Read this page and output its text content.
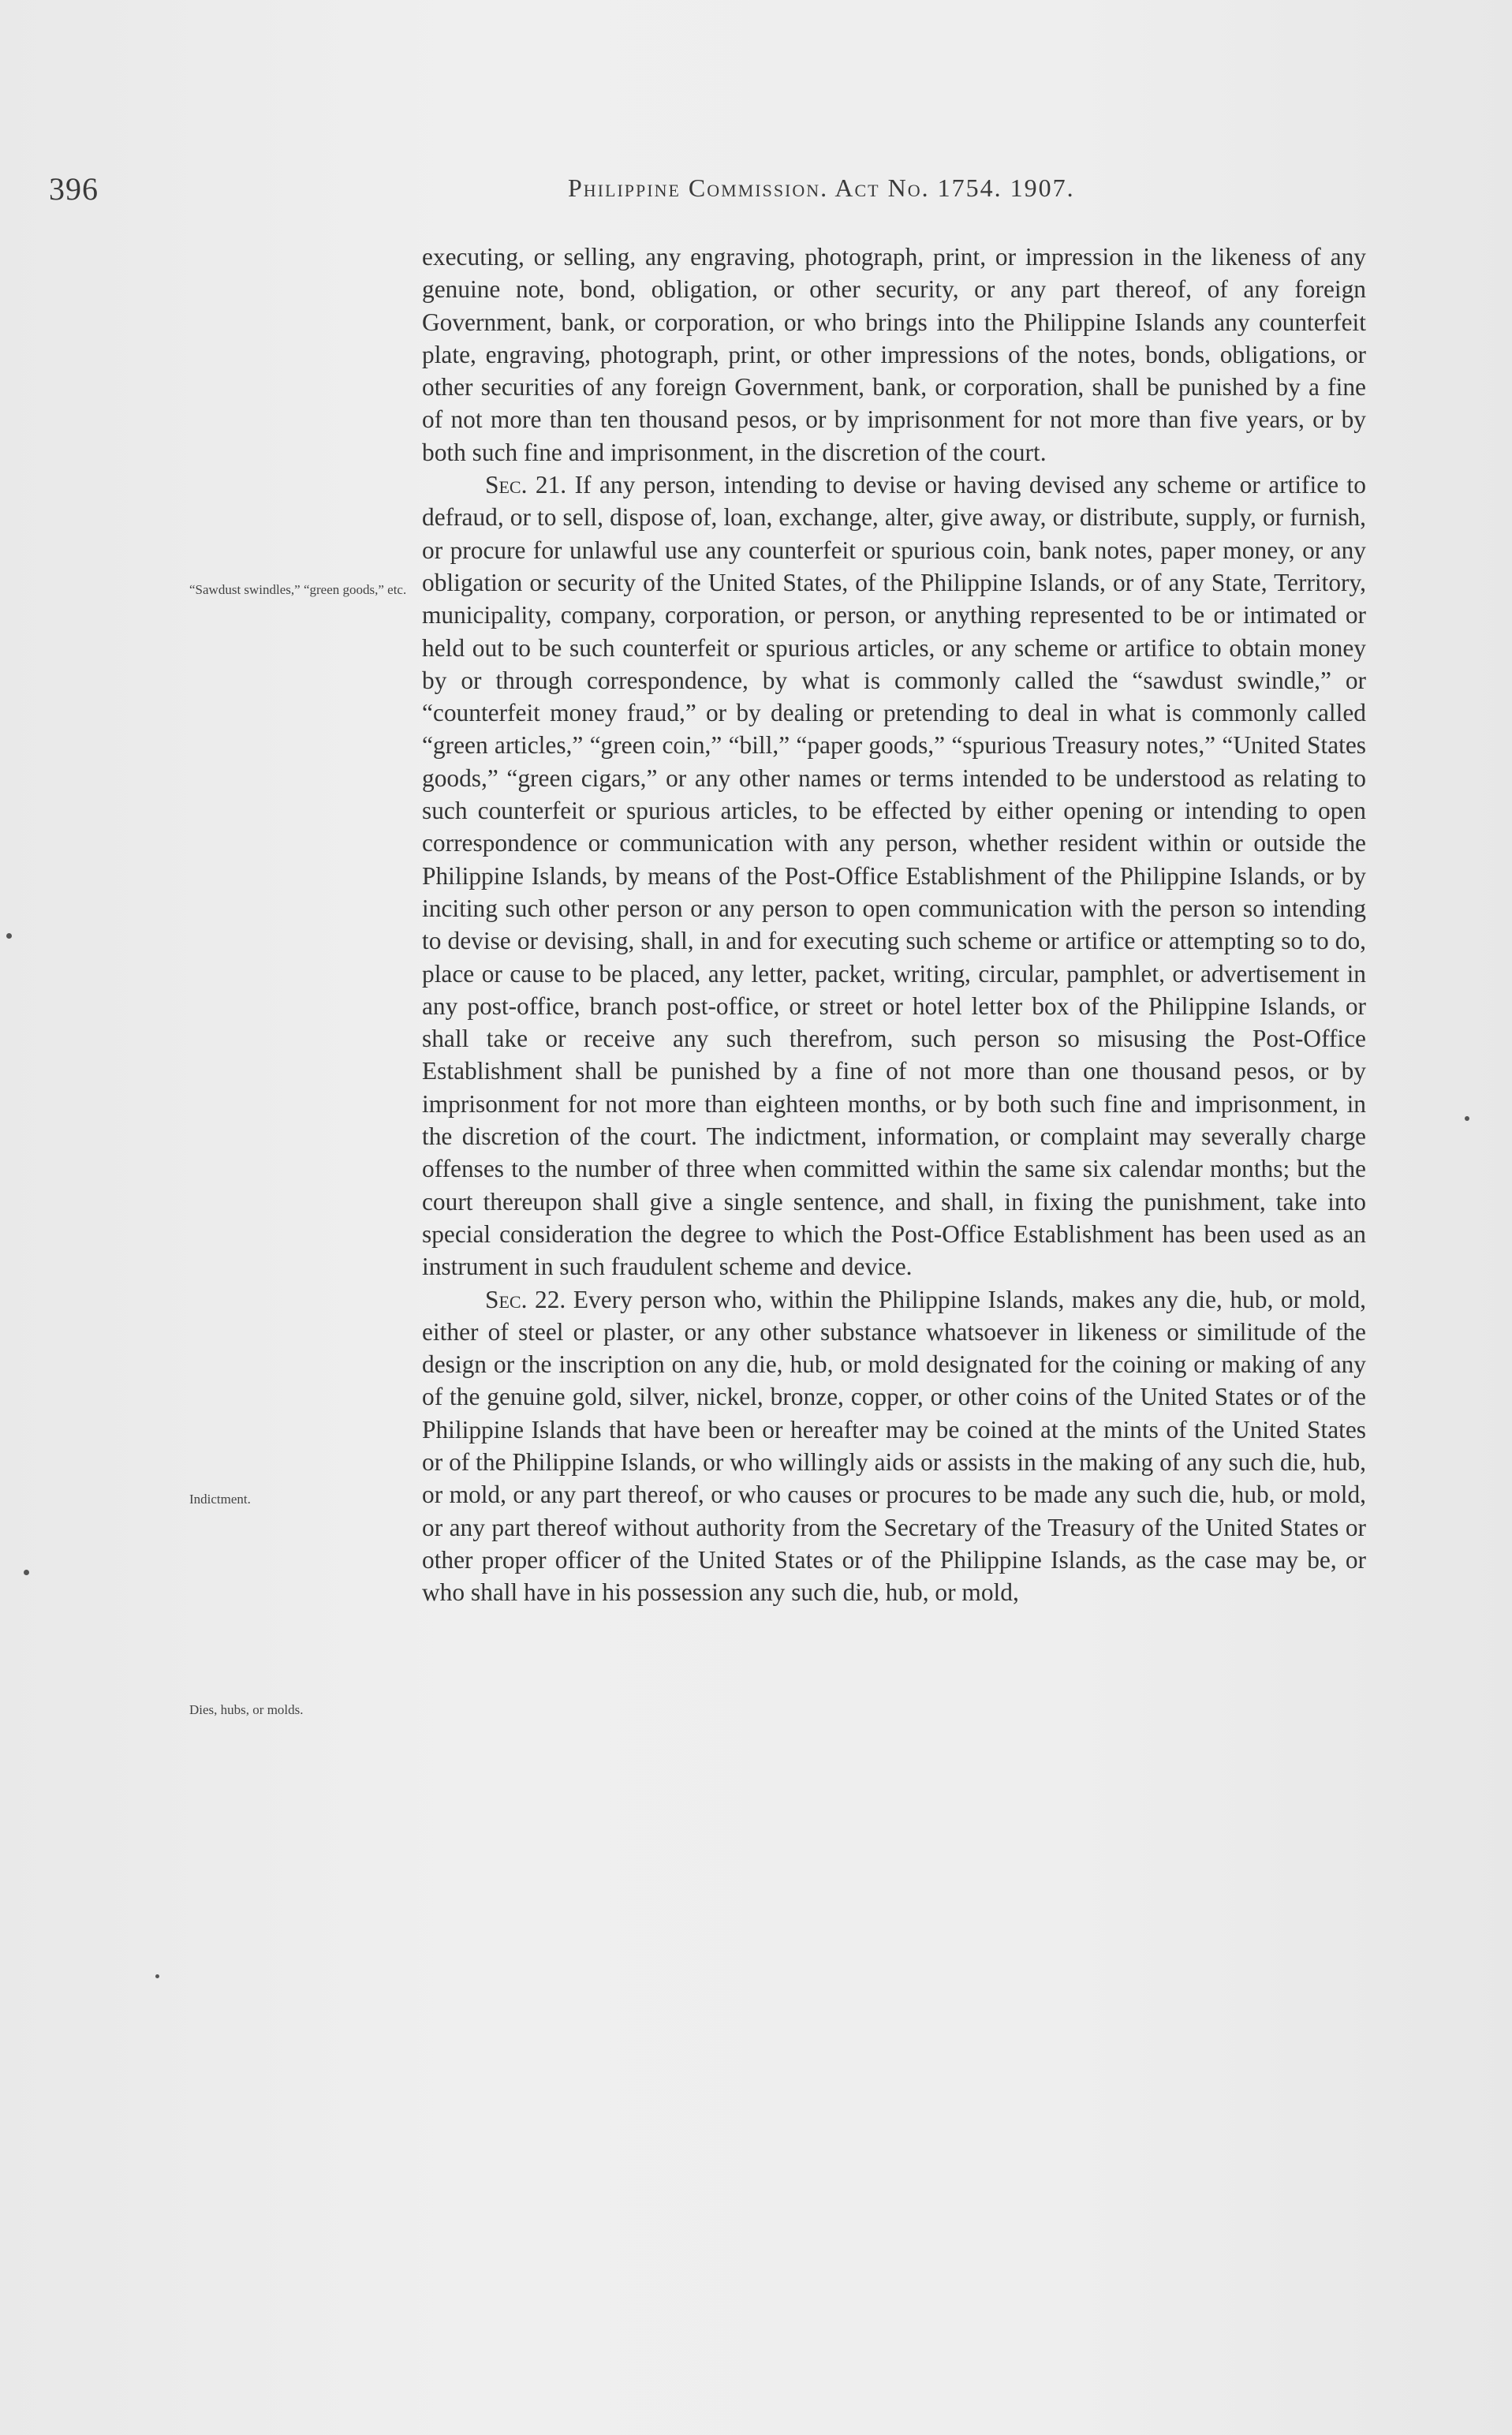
396	Philippine Commission. Act No. 1754. 1907.
“Sawdust swindles,” “green goods,” etc.
Indictment.
Dies, hubs, or molds.

executing, or selling, any engraving, photograph, print, or impression in the likeness of any genuine note, bond, obligation, or other security, or any part thereof, of any foreign Government, bank, or corporation, or who brings into the Philippine Islands any counterfeit plate, engraving, photograph, print, or other impressions of the notes, bonds, obligations, or other securities of any foreign Government, bank, or corporation, shall be punished by a fine of not more than ten thousand pesos, or by imprisonment for not more than five years, or by both such fine and imprisonment, in the discretion of the court.

Sec. 21. If any person, intending to devise or having devised any scheme or artifice to defraud, or to sell, dispose of, loan, exchange, alter, give away, or distribute, supply, or furnish, or procure for unlawful use any counterfeit or spurious coin, bank notes, paper money, or any obligation or security of the United States, of the Philippine Islands, or of any State, Territory, municipality, company, corporation, or person, or anything represented to be or intimated or held out to be such counterfeit or spurious articles, or any scheme or artifice to obtain money by or through correspondence, by what is commonly called the “sawdust swindle,” or “counterfeit money fraud,” or by dealing or pretending to deal in what is commonly called “green articles,” “green coin,” “bill,” “paper goods,” “spurious Treasury notes,” “United States goods,” “green cigars,” or any other names or terms intended to be understood as relating to such counterfeit or spurious articles, to be effected by either opening or intending to open correspondence or communication with any person, whether resident within or outside the Philippine Islands, by means of the Post-Office Establishment of the Philippine Islands, or by inciting such other person or any person to open communication with the person so intending to devise or devising, shall, in and for executing such scheme or artifice or attempting so to do, place or cause to be placed, any letter, packet, writing, circular, pamphlet, or advertisement in any post-office, branch post-office, or street or hotel letter box of the Philippine Islands, or shall take or receive any such therefrom, such person so misusing the Post-Office Establishment shall be punished by a fine of not more than one thousand pesos, or by imprisonment for not more than eighteen months, or by both such fine and imprisonment, in the discretion of the court. The indictment, information, or complaint may severally charge offenses to the number of three when committed within the same six calendar months; but the court thereupon shall give a single sentence, and shall, in fixing the punishment, take into special consideration the degree to which the Post-Office Establishment has been used as an instrument in such fraudulent scheme and device.

Sec. 22. Every person who, within the Philippine Islands, makes any die, hub, or mold, either of steel or plaster, or any other substance whatsoever in likeness or similitude of the design or the inscription on any die, hub, or mold designated for the coining or making of any of the genuine gold, silver, nickel, bronze, copper, or other coins of the United States or of the Philippine Islands that have been or hereafter may be coined at the mints of the United States or of the Philippine Islands, or who willingly aids or assists in the making of any such die, hub, or mold, or any part thereof, or who causes or procures to be made any such die, hub, or mold, or any part thereof without authority from the Secretary of the Treasury of the United States or other proper officer of the United States or of the Philippine Islands, as the case may be, or who shall have in his possession any such die, hub, or mold,
